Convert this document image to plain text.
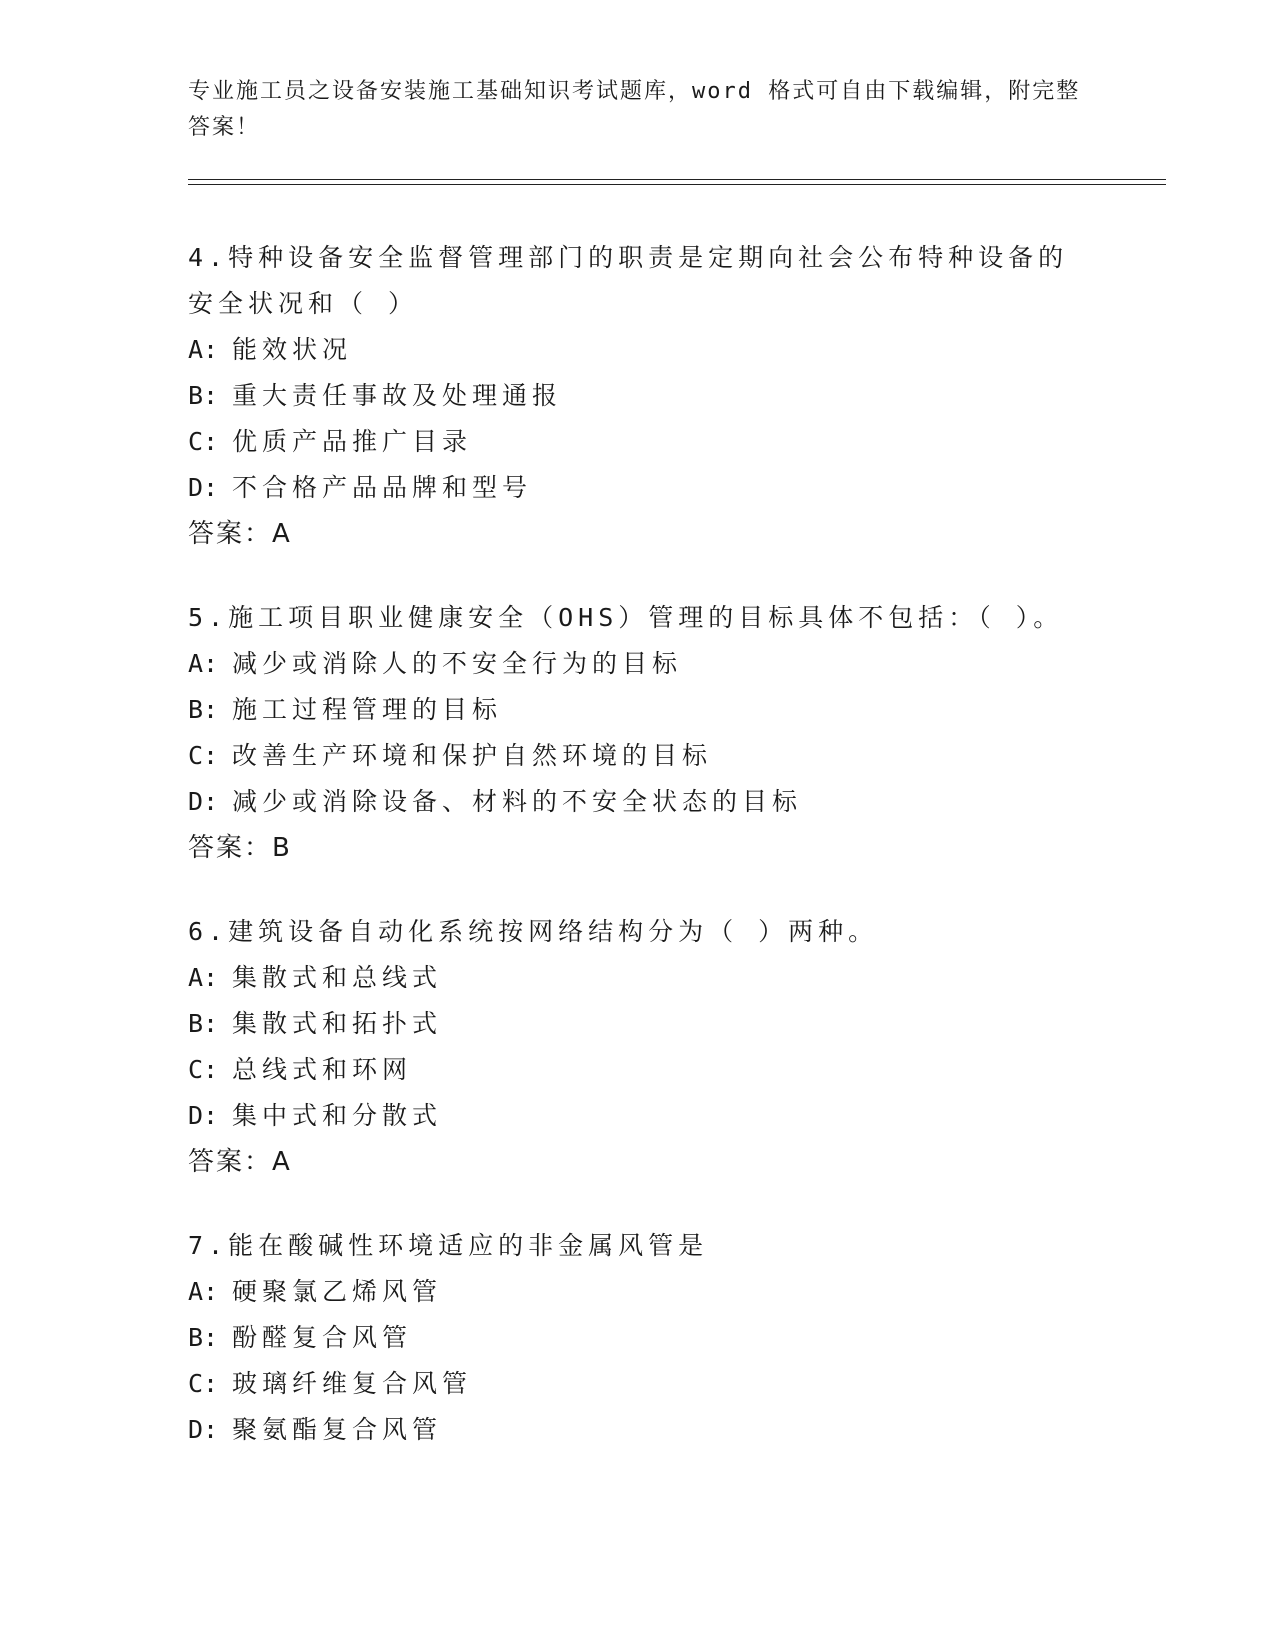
专业施工员之设备安装施工基础知识考试题库，word 格式可自由下载编辑，附完整答案！
4.特种设备安全监督管理部门的职责是定期向社会公布特种设备的安全状况和（ ）
A: 能效状况
B: 重大责任事故及处理通报
C: 优质产品推广目录
D: 不合格产品品牌和型号
答案：A
5.施工项目职业健康安全（OHS）管理的目标具体不包括：（ ）。
A: 减少或消除人的不安全行为的目标
B: 施工过程管理的目标
C: 改善生产环境和保护自然环境的目标
D: 减少或消除设备、材料的不安全状态的目标
答案：B
6.建筑设备自动化系统按网络结构分为（ ）两种。
A: 集散式和总线式
B: 集散式和拓扑式
C: 总线式和环网
D: 集中式和分散式
答案：A
7.能在酸碱性环境适应的非金属风管是
A: 硬聚氯乙烯风管
B: 酚醛复合风管
C: 玻璃纤维复合风管
D: 聚氨酯复合风管
